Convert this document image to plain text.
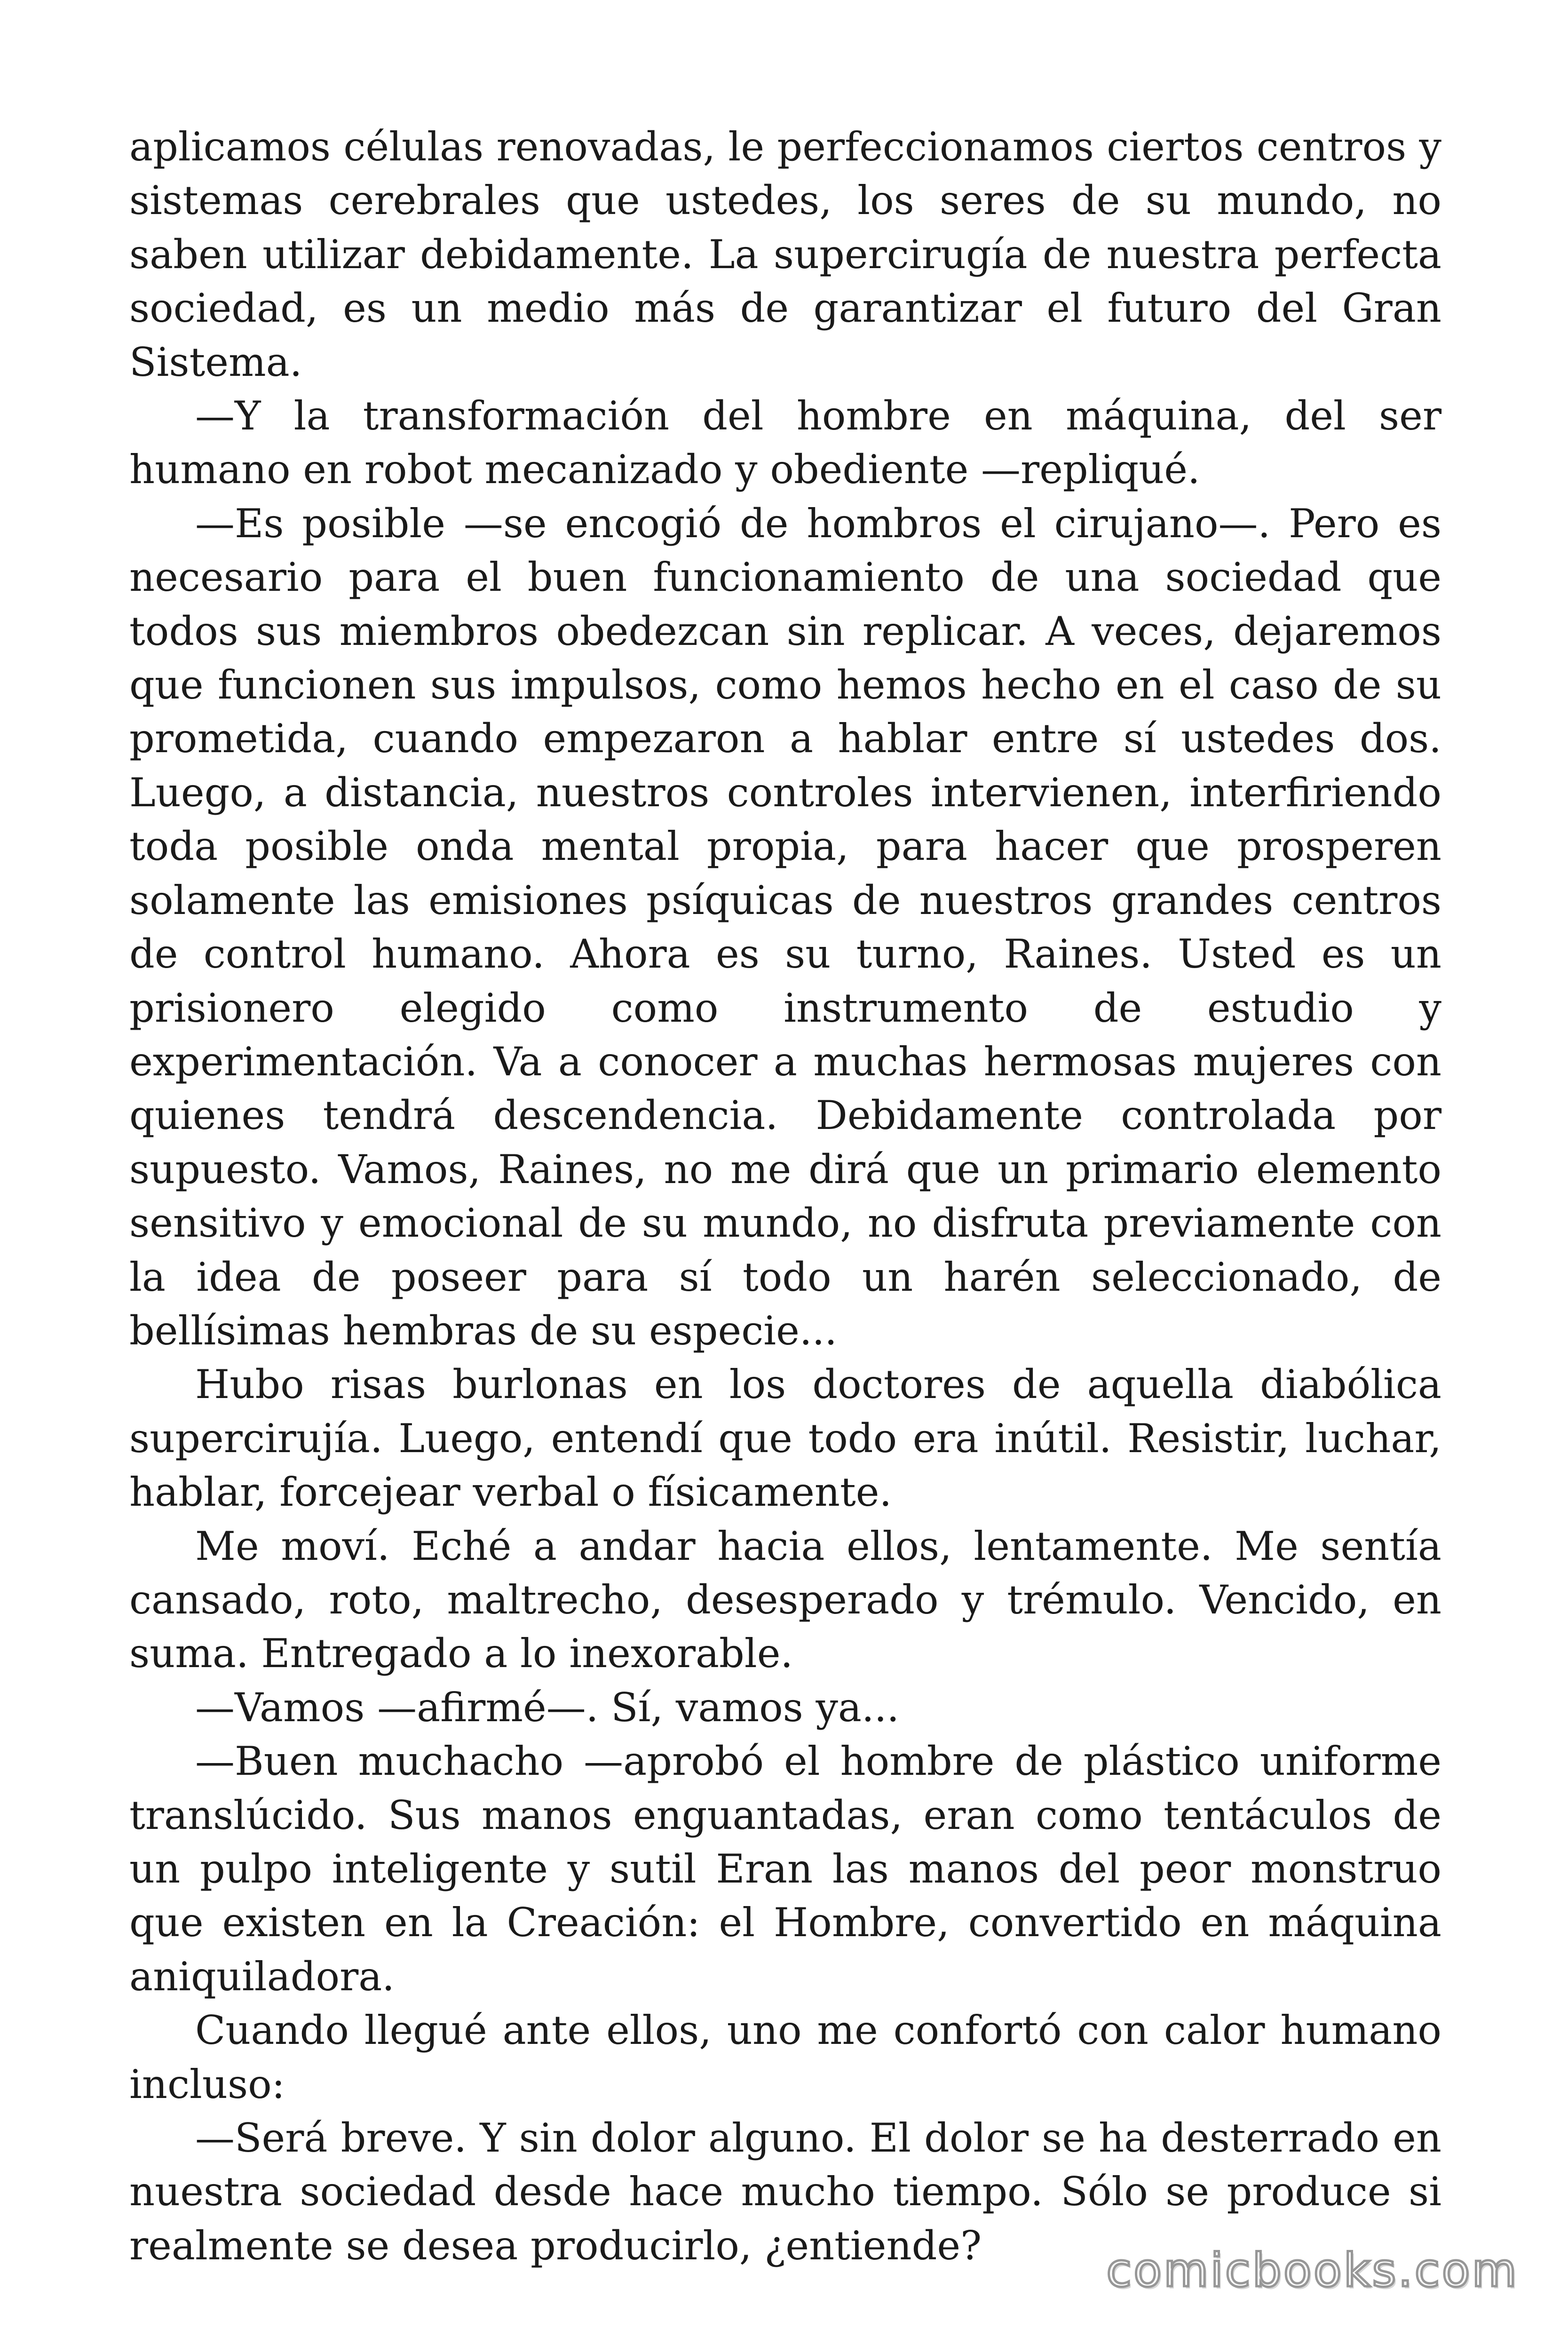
aplicamos células renovadas, le perfeccionamos ciertos centros y sistemas cerebrales que ustedes, los seres de su mundo, no saben utilizar debidamente. La supercirugía de nuestra perfecta sociedad, es un medio más de garantizar el futuro del Gran Sistema.

—Y la transformación del hombre en máquina, del ser humano en robot mecanizado y obediente —repliqué.

—Es posible —se encogió de hombros el cirujano—. Pero es necesario para el buen funcionamiento de una sociedad que todos sus miembros obedezcan sin replicar. A veces, dejaremos que funcionen sus impulsos, como hemos hecho en el caso de su prometida, cuando empezaron a hablar entre sí ustedes dos. Luego, a distancia, nuestros controles intervienen, interfiriendo toda posible onda mental propia, para hacer que prosperen solamente las emisiones psíquicas de nuestros grandes centros de control humano. Ahora es su turno, Raines. Usted es un prisionero elegido como instrumento de estudio y experimentación. Va a conocer a muchas hermosas mujeres con quienes tendrá descendencia. Debidamente controlada por supuesto. Vamos, Raines, no me dirá que un primario elemento sensitivo y emocional de su mundo, no disfruta previamente con la idea de poseer para sí todo un harén seleccionado, de bellísimas hembras de su especie...

Hubo risas burlonas en los doctores de aquella diabólica supercirujía. Luego, entendí que todo era inútil. Resistir, luchar, hablar, forcejear verbal o físicamente.

Me moví. Eché a andar hacia ellos, lentamente. Me sentía cansado, roto, maltrecho, desesperado y trémulo. Vencido, en suma. Entregado a lo inexorable.

—Vamos —afirmé—. Sí, vamos ya...

—Buen muchacho —aprobó el hombre de plástico uniforme translúcido. Sus manos enguantadas, eran como tentáculos de un pulpo inteligente y sutil Eran las manos del peor monstruo que existen en la Creación: el Hombre, convertido en máquina aniquiladora.

Cuando llegué ante ellos, uno me confortó con calor humano incluso:

—Será breve. Y sin dolor alguno. El dolor se ha desterrado en nuestra sociedad desde hace mucho tiempo. Sólo se produce si realmente se desea producirlo, ¿entiende?	comicbooks.com
